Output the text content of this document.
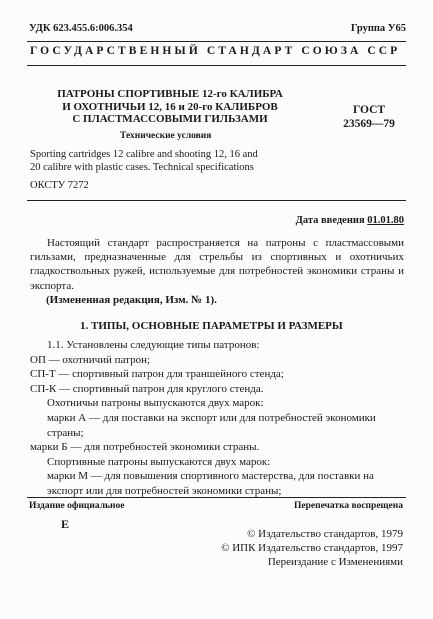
УДК 623.455.6:006.354	Группа У65
ГОСУДАРСТВЕННЫЙ СТАНДАРТ СОЮЗА ССР
ПАТРОНЫ СПОРТИВНЫЕ 12-го КАЛИБРА
И ОХОТНИЧЬИ 12, 16 и 20-го КАЛИБРОВ
С ПЛАСТМАССОВЫМИ ГИЛЬЗАМИ
ГОСТ
23569—79
Технические условия
Sporting cartridges 12 calibre and shooting 12, 16 and
20 calibre with plastic cases. Technical specifications
ОКСТУ 7272
Дата введения 01.01.80
Настоящий стандарт распространяется на патроны с пластмассовыми гильзами, предназначенные для стрельбы из спортивных и охотничьих гладкоствольных ружей, используемые для потребностей экономики страны и экспорта.
(Измененная редакция, Изм. № 1).
1. ТИПЫ, ОСНОВНЫЕ ПАРАМЕТРЫ И РАЗМЕРЫ

1.1. Установлены следующие типы патронов:

ОП — охотничий патрон;

СП-Т — спортивный патрон для траншейного стенда;

СП-К — спортивный патрон для круглого стенда.

Охотничьи патроны выпускаются двух марок:

марки А — для поставки на экспорт или для потребностей экономики страны;

марки Б — для потребностей экономики страны.

Спортивные патроны выпускаются двух марок:

марки М — для повышения спортивного мастерства, для поставки на экспорт или для потребностей экономики страны;

Издание официальное	Перепечатка воспрещена
Е
© Издательство стандартов, 1979
© ИПК Издательство стандартов, 1997
Переиздание с Изменениями
